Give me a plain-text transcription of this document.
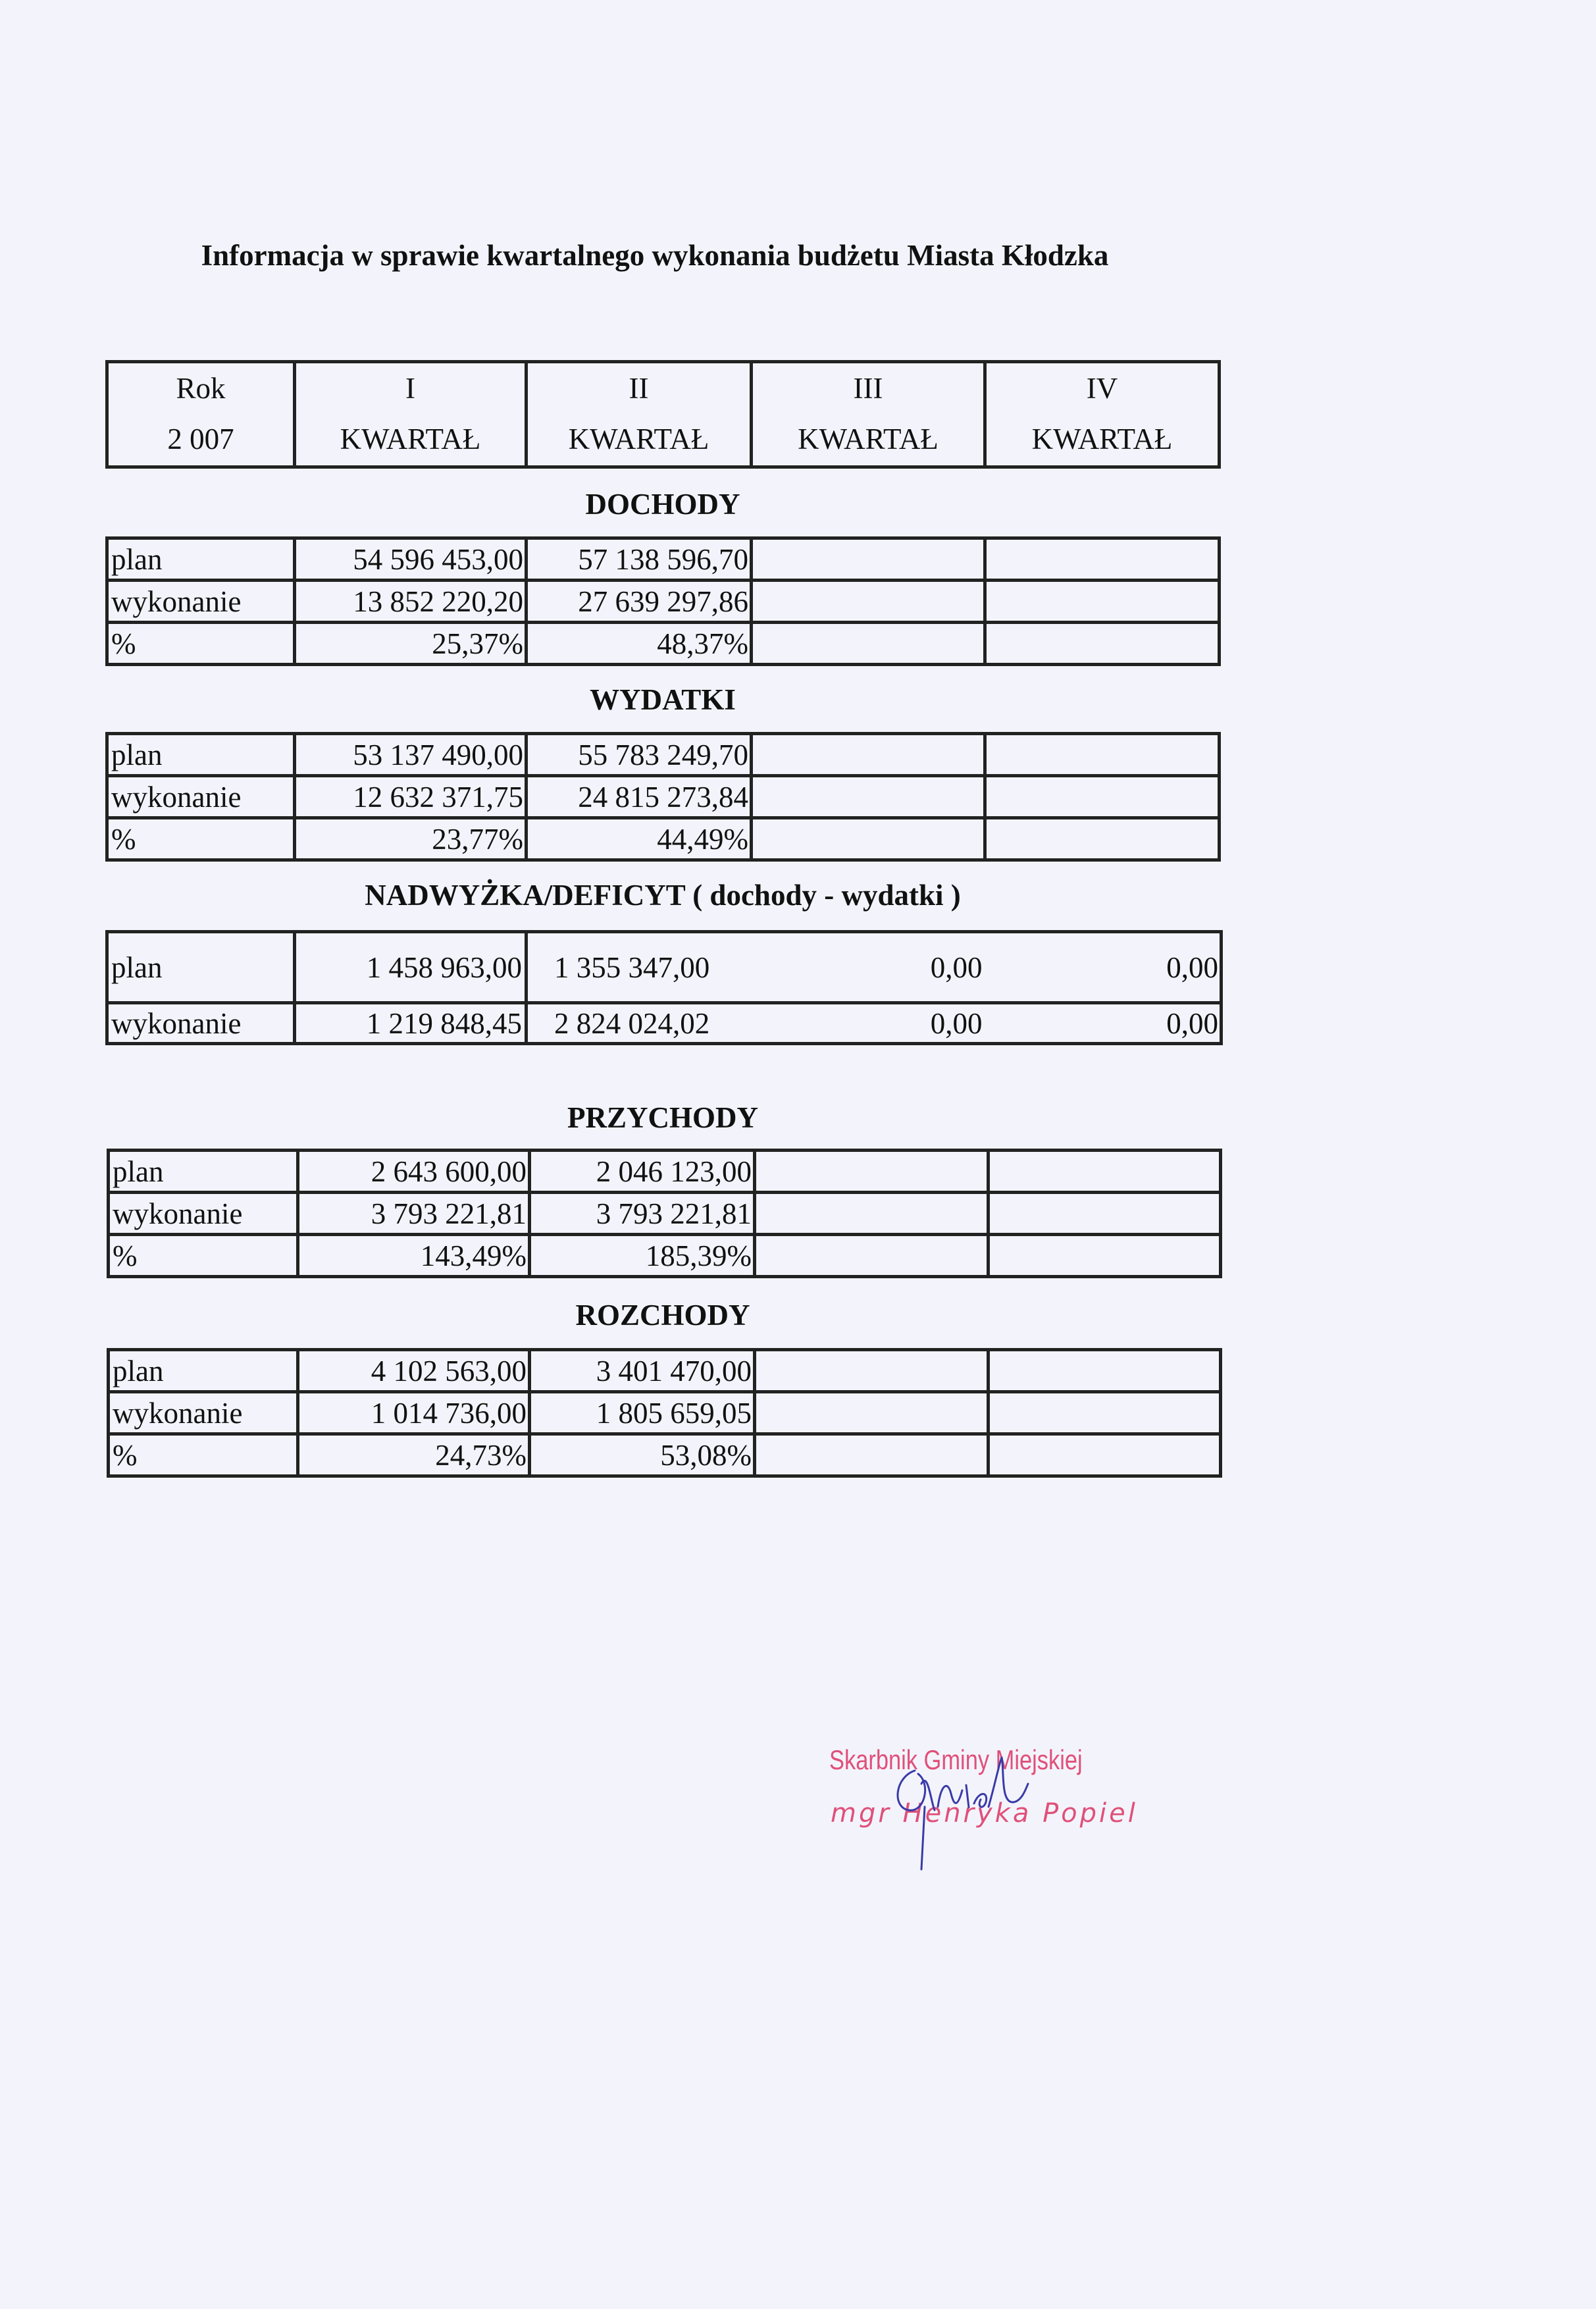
Informacja w sprawie kwartalnego wykonania budżetu Miasta Kłodzka
Rok	I	II	III	IV
2 007	KWARTAŁ	KWARTAŁ	KWARTAŁ	KWARTAŁ
DOCHODY
plan	54 596 453,00	57 138 596,70		
wykonanie	13 852 220,20	27 639 297,86		
%	25,37%	48,37%		
WYDATKI
plan	53 137 490,00	55 783 249,70		
wykonanie	12 632 371,75	24 815 273,84		
%	23,77%	44,49%		
NADWYŻKA/DEFICYT ( dochody - wydatki )
plan	1 458 963,00	1 355 347,00	0,00	0,00
wykonanie	1 219 848,45	2 824 024,02	0,00	0,00
PRZYCHODY
plan	2 643 600,00	2 046 123,00		
wykonanie	3 793 221,81	3 793 221,81		
%	143,49%	185,39%		
ROZCHODY
plan	4 102 563,00	3 401 470,00		
wykonanie	1 014 736,00	1 805 659,05		
%	24,73%	53,08%		
Skarbnik Gminy Miejskiej
mgr Henryka Popiel
